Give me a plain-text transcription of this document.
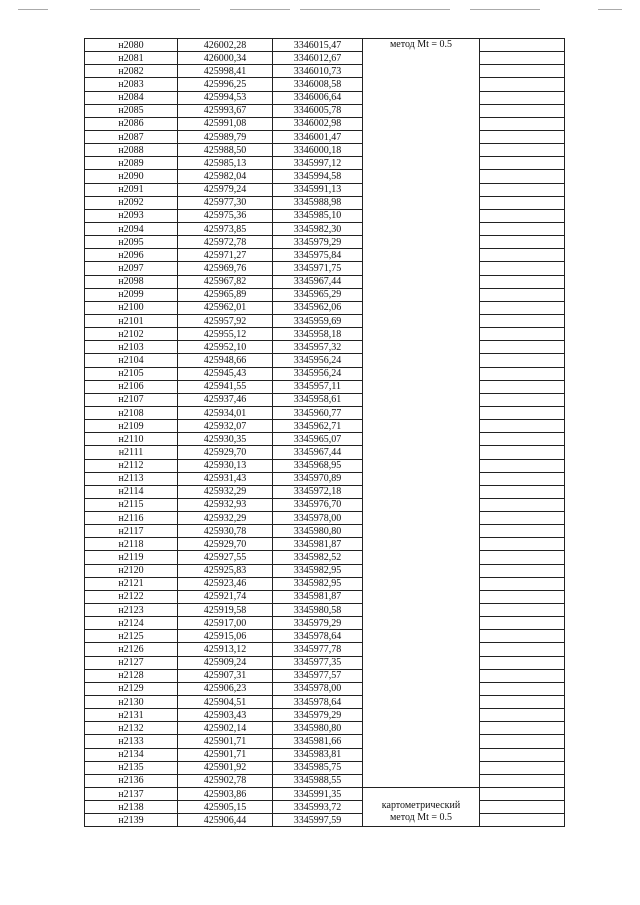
н2080	426002,28	3346015,47	метод Mt = 0.5	
н2081	426000,34	3346012,67		
н2082	425998,41	3346010,73		
н2083	425996,25	3346008,58		
н2084	425994,53	3346006,64		
н2085	425993,67	3346005,78		
н2086	425991,08	3346002,98		
н2087	425989,79	3346001,47		
н2088	425988,50	3346000,18		
н2089	425985,13	3345997,12		
н2090	425982,04	3345994,58		
н2091	425979,24	3345991,13		
н2092	425977,30	3345988,98		
н2093	425975,36	3345985,10		
н2094	425973,85	3345982,30		
н2095	425972,78	3345979,29		
н2096	425971,27	3345975,84		
н2097	425969,76	3345971,75		
н2098	425967,82	3345967,44		
н2099	425965,89	3345965,29		
н2100	425962,01	3345962,06		
н2101	425957,92	3345959,69		
н2102	425955,12	3345958,18		
н2103	425952,10	3345957,32		
н2104	425948,66	3345956,24		
н2105	425945,43	3345956,24		
н2106	425941,55	3345957,11		
н2107	425937,46	3345958,61		
н2108	425934,01	3345960,77		
н2109	425932,07	3345962,71		
н2110	425930,35	3345965,07		
н2111	425929,70	3345967,44		
н2112	425930,13	3345968,95		
н2113	425931,43	3345970,89		
н2114	425932,29	3345972,18		
н2115	425932,93	3345976,70		
н2116	425932,29	3345978,00		
н2117	425930,78	3345980,80		
н2118	425929,70	3345981,87		
н2119	425927,55	3345982,52		
н2120	425925,83	3345982,95		
н2121	425923,46	3345982,95		
н2122	425921,74	3345981,87		
н2123	425919,58	3345980,58		
н2124	425917,00	3345979,29		
н2125	425915,06	3345978,64		
н2126	425913,12	3345977,78		
н2127	425909,24	3345977,35		
н2128	425907,31	3345977,57		
н2129	425906,23	3345978,00		
н2130	425904,51	3345978,64		
н2131	425903,43	3345979,29		
н2132	425902,14	3345980,80		
н2133	425901,71	3345981,66		
н2134	425901,71	3345983,81		
н2135	425901,92	3345985,75		
н2136	425902,78	3345988,55		
н2137	425903,86	3345991,35	картометрический
метод Mt = 0.5	

н2138	425905,15	3345993,72		
н2139	425906,44	3345997,59		
